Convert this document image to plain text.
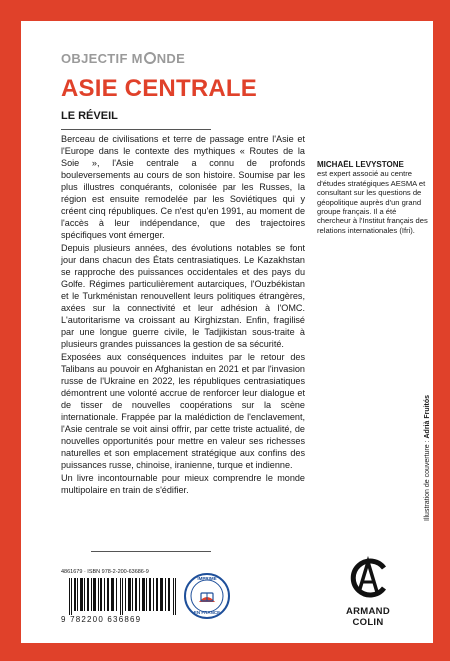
OBJECTIF M NDE
ASIE CENTRALE
LE RÉVEIL

Berceau de civilisations et terre de passage entre l'Asie et l'Europe dans le contexte des mythiques « Routes de la Soie », l'Asie centrale a connu de profonds bouleversements au cours de son histoire. Soumise par les plus illustres conquérants, colonisée par les Russes, la région est ensuite remodelée par les Soviétiques qui y créent cinq républiques. Ce n'est qu'en 1991, au moment de l'accès à leur indépendance, que des trajectoires spécifiques vont émerger.

Depuis plusieurs années, des évolutions notables se font jour dans chacun des États centrasiatiques. Le Kazakhstan se rapproche des puissances occidentales et des pays du Golfe. Régimes particulièrement autarciques, l'Ouzbékistan et le Turkménistan renouvellent leurs politiques étrangères, axées sur la connectivité et leur adhésion à l'OMC. L'autoritarisme va croissant au Kirghizstan. Enfin, fragilisé par une longue guerre civile, le Tadjikistan sous-traite à plusieurs grandes puissances la gestion de sa sécurité.

Exposées aux conséquences induites par le retour des Talibans au pouvoir en Afghanistan en 2021 et par l'invasion russe de l'Ukraine en 2022, les républiques centrasiatiques démontrent une volonté accrue de renforcer leur dialogue et de tisser de nouvelles coopérations sur la scène internationale. Frappée par la malédiction de l'enclavement, l'Asie centrale se voit ainsi offrir, par cette triste actualité, de nouvelles opportunités pour mettre en valeur ses richesses naturelles et son emplacement stratégique aux confins des puissances russe, chinoise, iranienne, turque et indienne.

Un livre incontournable pour mieux comprendre le monde multipolaire en train de s'édifier.

MICHAËL LEVYSTONE
est expert associé au centre d'études stratégiques AESMA et consultant sur les questions de géopolitique auprès d'un grand groupe français. Il a été chercheur à l'Institut français des relations internationales (Ifri).
Illustration de couverture : Adrià Fruitós
4861679 · ISBN 978-2-200-63686-9
9 782200 636869
IMPRIMÉ
EN FRANCE	ARMAND COLIN
